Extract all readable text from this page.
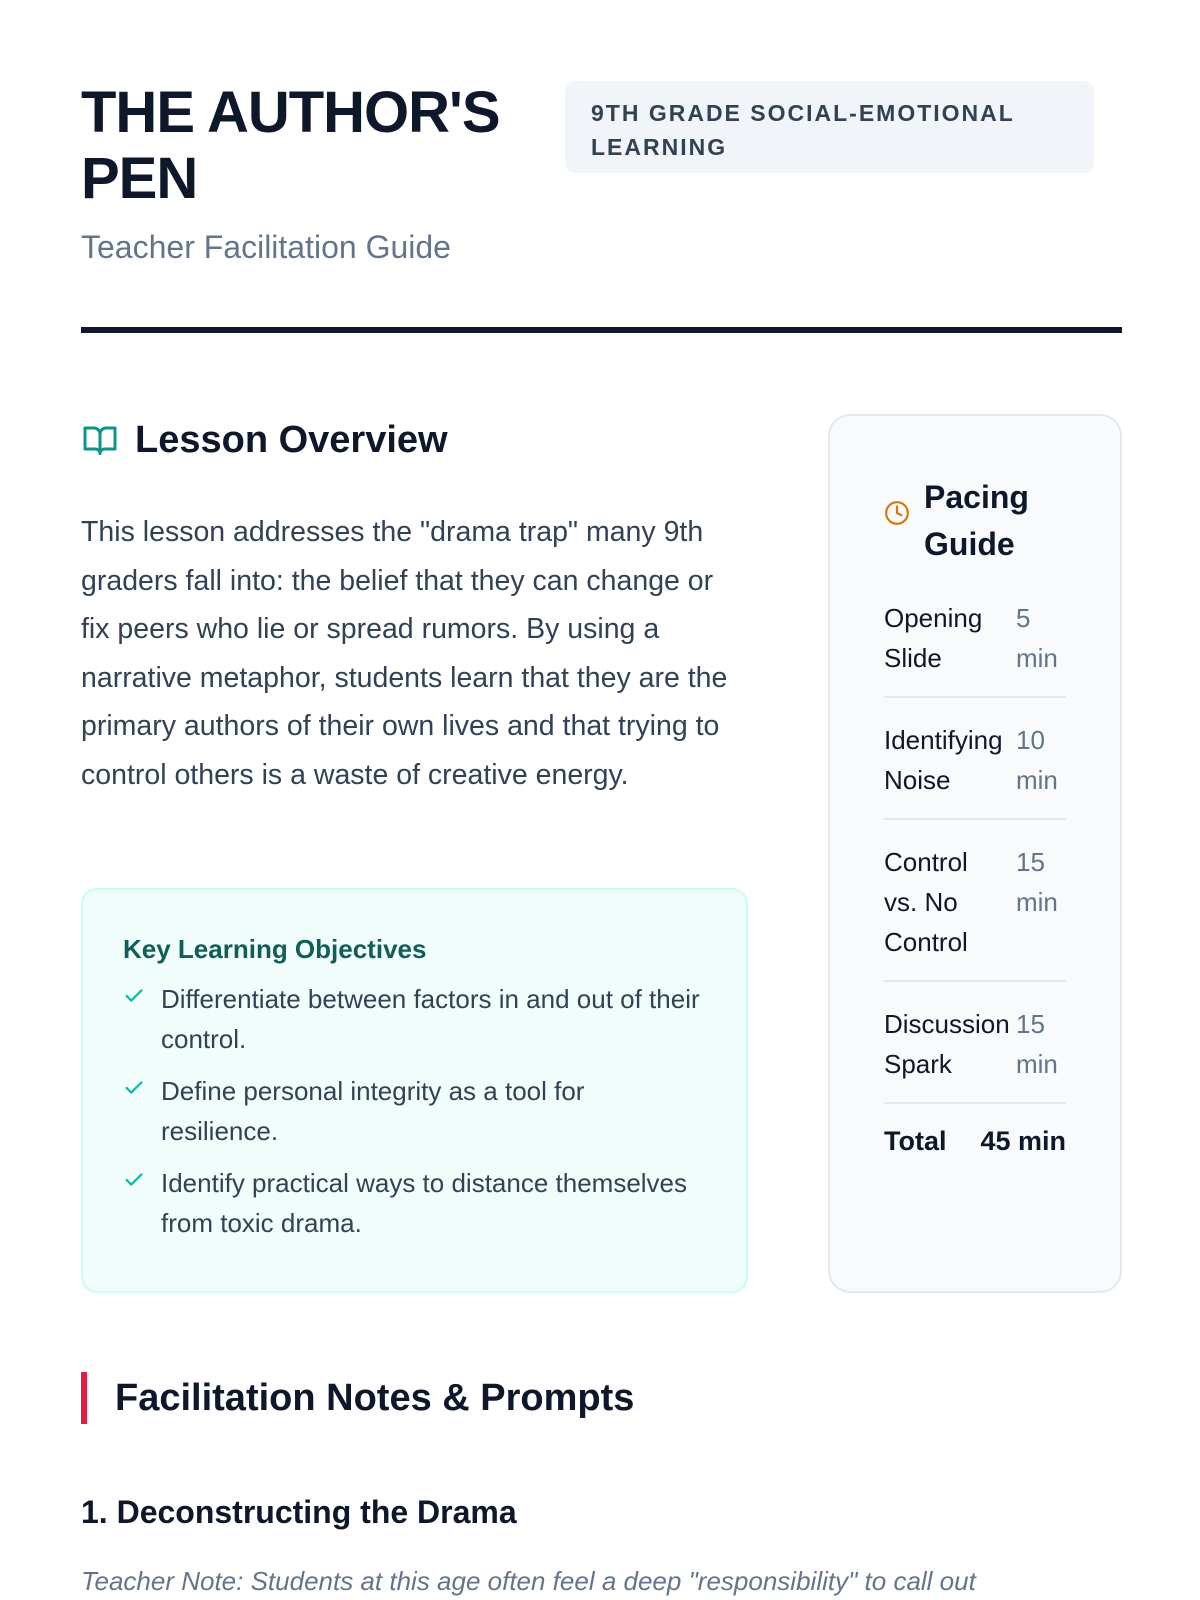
THE AUTHOR'S PEN
Teacher Facilitation Guide
9TH GRADE SOCIAL-EMOTIONAL LEARNING
Lesson Overview

This lesson addresses the "drama trap" many 9th graders fall into: the belief that they can change or fix peers who lie or spread rumors. By using a narrative metaphor, students learn that they are the primary authors of their own lives and that trying to control others is a waste of creative energy.

Key Learning Objectives
Differentiate between factors in and out of their control.
Define personal integrity as a tool for resilience.
Identify practical ways to distance themselves from toxic drama.
Pacing Guide
Opening Slide
5 min
Identifying Noise
10 min
Control vs. No Control
15 min
Discussion Spark
15 min
Total 45 min
Facilitation Notes & Prompts
1. Deconstructing the Drama

Teacher Note: Students at this age often feel a deep "responsibility" to call out
